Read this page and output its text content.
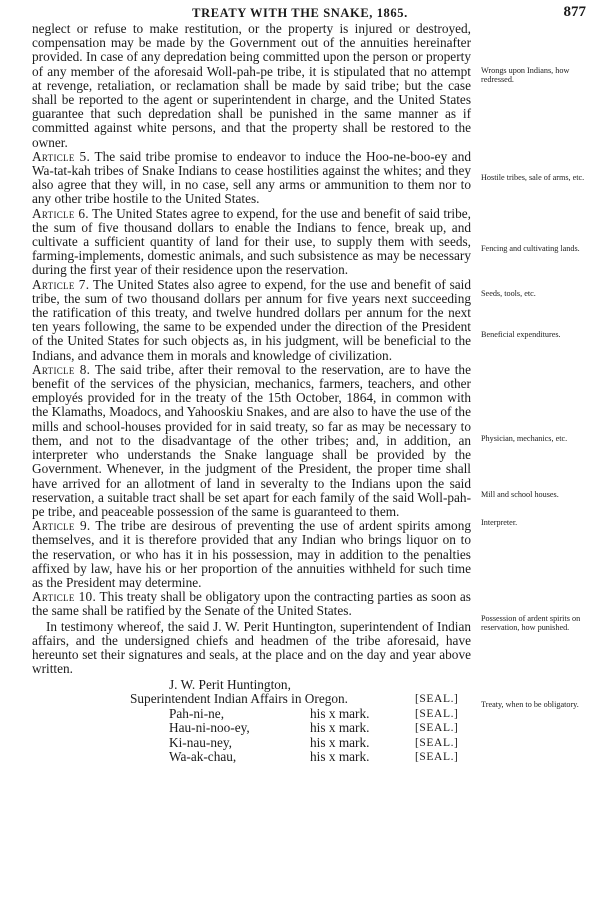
TREATY WITH THE SNAKE, 1865.	877

neglect or refuse to make restitution, or the property is injured or destroyed, compensation may be made by the Government out of the annuities hereinafter provided. In case of any depredation being committed upon the person or property of any member of the aforesaid Woll-pah-pe tribe, it is stipulated that no attempt at revenge, retaliation, or reclamation shall be made by said tribe; but the case shall be reported to the agent or superintendent in charge, and the United States guarantee that such depredation shall be punished in the same manner as if committed against white persons, and that the property shall be restored to the owner.

Article 5. The said tribe promise to endeavor to induce the Hoo-ne-boo-ey and Wa-tat-kah tribes of Snake Indians to cease hostilities against the whites; and they also agree that they will, in no case, sell any arms or ammunition to them nor to any other tribe hostile to the United States.

Article 6. The United States agree to expend, for the use and benefit of said tribe, the sum of five thousand dollars to enable the Indians to fence, break up, and cultivate a sufficient quantity of land for their use, to supply them with seeds, farming-implements, domestic animals, and such subsistence as may be necessary during the first year of their residence upon the reservation.

Article 7. The United States also agree to expend, for the use and benefit of said tribe, the sum of two thousand dollars per annum for five years next succeeding the ratification of this treaty, and twelve hundred dollars per annum for the next ten years following, the same to be expended under the direction of the President of the United States for such objects as, in his judgment, will be beneficial to the Indians, and advance them in morals and knowledge of civilization.

Article 8. The said tribe, after their removal to the reservation, are to have the benefit of the services of the physician, mechanics, farmers, teachers, and other employés provided for in the treaty of the 15th October, 1864, in common with the Klamaths, Moadocs, and Yahooskiu Snakes, and are also to have the use of the mills and school-houses provided for in said treaty, so far as may be necessary to them, and not to the disadvantage of the other tribes; and, in addition, an interpreter who understands the Snake language shall be provided by the Government. Whenever, in the judgment of the President, the proper time shall have arrived for an allotment of land in severalty to the Indians upon the said reservation, a suitable tract shall be set apart for each family of the said Woll-pah-pe tribe, and peaceable possession of the same is guaranteed to them.

Article 9. The tribe are desirous of preventing the use of ardent spirits among themselves, and it is therefore provided that any Indian who brings liquor on to the reservation, or who has it in his possession, may in addition to the penalties affixed by law, have his or her proportion of the annuities withheld for such time as the President may determine.

Article 10. This treaty shall be obligatory upon the contracting parties as soon as the same shall be ratified by the Senate of the United States.

In testimony whereof, the said J. W. Perit Huntington, superintendent of Indian affairs, and the undersigned chiefs and headmen of the tribe aforesaid, have hereunto set their signatures and seals, at the place and on the day and year above written.

J. W. Perit Huntington,
Superintendent Indian Affairs in Oregon.	[SEAL.]
Pah-ni-ne,	his x mark.	[SEAL.]
Hau-ni-noo-ey,	his x mark.	[SEAL.]
Ki-nau-ney,	his x mark.	[SEAL.]
Wa-ak-chau,	his x mark.	[SEAL.]
Wrongs upon Indians, how redressed.
Hostile tribes, sale of arms, etc.
Fencing and cultivating lands.
Seeds, tools, etc.
Beneficial expenditures.
Physician, mechanics, etc.
Mill and school houses.
Interpreter.
Possession of ardent spirits on reservation, how punished.
Treaty, when to be obligatory.
